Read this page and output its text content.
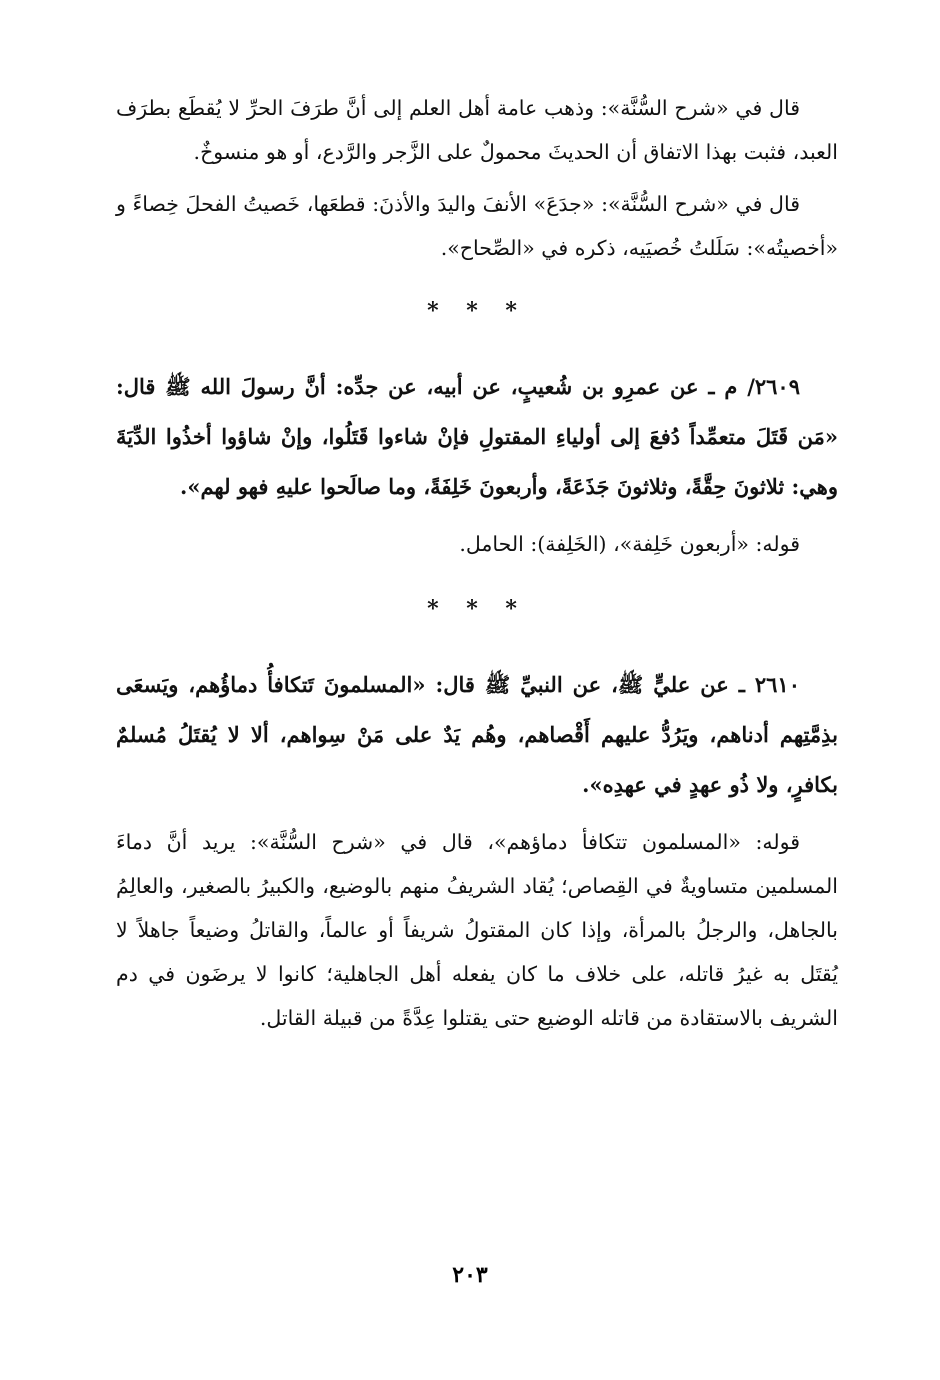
قال في «شرح السُّنَّة»: وذهب عامة أهل العلم إلى أنَّ طرَفَ الحرِّ لا يُقطَع بطرَف العبد، فثبت بهذا الاتفاق أن الحديثَ محمولٌ على الزَّجر والرَّدع، أو هو منسوخٌ.

قال في «شرح السُّنَّة»: «جدَعَ» الأنفَ واليدَ والأذنَ: قطعَها، خَصيتُ الفحلَ خِصاءً و «أخصيتُه»: سَلَلتُ خُصيَيه، ذكره في «الصِّحاح».

* * *

٢٦٠٩/ م ـ عن عمرِو بن شُعيبٍ، عن أبيه، عن جدِّه: أنَّ رسولَ الله ﷺ قال: «مَن قَتَلَ متعمِّداً دُفعَ إلى أولياءِ المقتولِ فإنْ شاءوا قَتَلُوا، وإنْ شاؤوا أخذُوا الدِّيَةَ وهي: ثلاثونَ حِقَّةً، وثلاثونَ جَذَعَةً، وأربعونَ خَلِفَةً، وما صالَحوا عليهِ فهو لهم».

قوله: «أربعون خَلِفة»، (الخَلِفة): الحامل.

* * *

٢٦١٠ ـ عن عليٍّ ﷺ، عن النبيِّ ﷺ قال: «المسلمونَ تَتكافأُ دماؤُهم، ويَسعَى بذِمَّتِهم أدناهم، ويَرُدُّ عليهم أَقْصاهم، وهُم يَدٌ على مَنْ سِواهم، ألا لا يُقتَلُ مُسلمٌ بكافرٍ، ولا ذُو عهدٍ في عهدِه».

قوله: «المسلمون تتكافأ دماؤهم»، قال في «شرح السُّنَّة»: يريد أنَّ دماءَ المسلمين متساويةٌ في القِصاص؛ يُقاد الشريفُ منهم بالوضيع، والكبيرُ بالصغير، والعالِمُ بالجاهل، والرجلُ بالمرأة، وإذا كان المقتولُ شريفاً أو عالماً، والقاتلُ وضيعاً جاهلاً لا يُقتَل به غيرُ قاتله، على خلاف ما كان يفعله أهل الجاهلية؛ كانوا لا يرضَون في دم الشريف بالاستقادة من قاتله الوضيع حتى يقتلوا عِدَّةً من قبيلة القاتل.

٢٠٣
